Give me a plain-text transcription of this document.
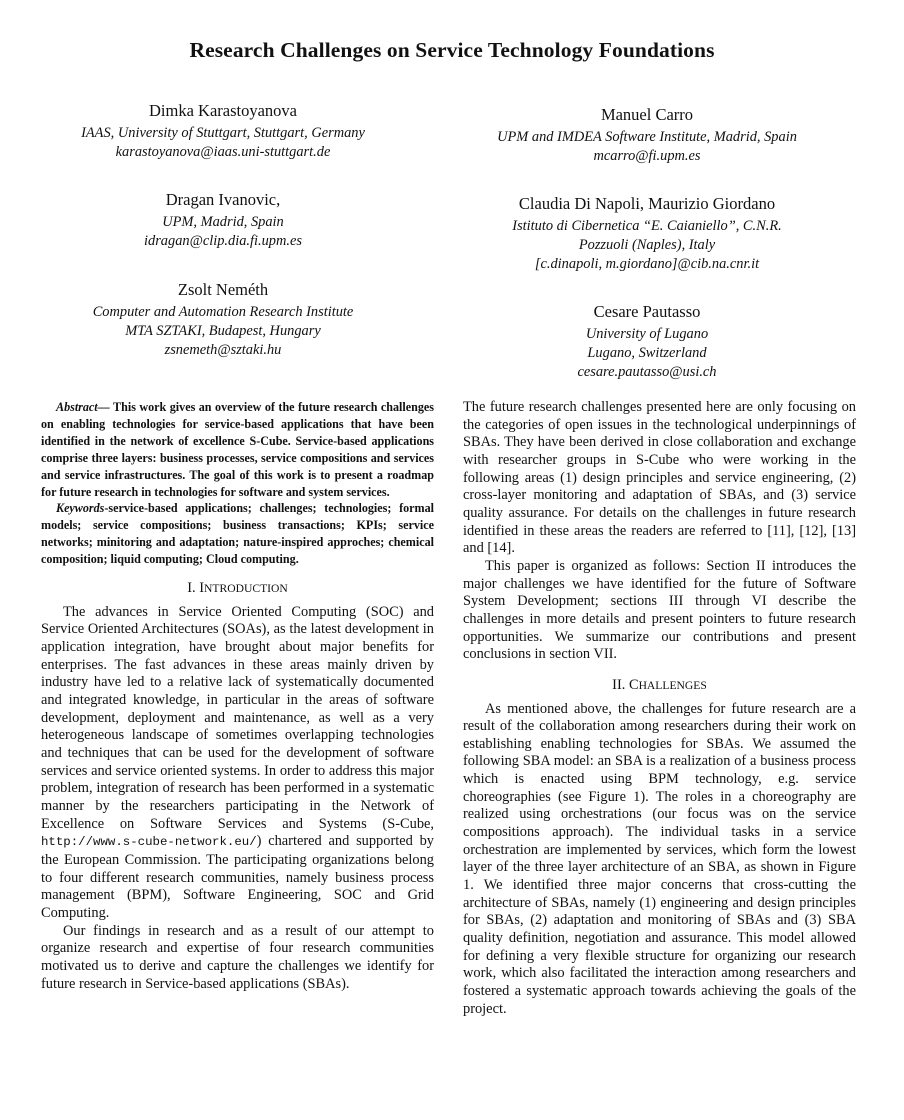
Research Challenges on Service Technology Foundations
Dimka Karastoyanova
IAAS, University of Stuttgart, Stuttgart, Germany
karastoyanova@iaas.uni-stuttgart.de
Manuel Carro
UPM and IMDEA Software Institute, Madrid, Spain
mcarro@fi.upm.es
Dragan Ivanovic,
UPM, Madrid, Spain
idragan@clip.dia.fi.upm.es
Claudia Di Napoli, Maurizio Giordano
Istituto di Cibernetica “E. Caianiello”, C.N.R.
Pozzuoli (Naples), Italy
[c.dinapoli, m.giordano]@cib.na.cnr.it
Zsolt Neméth
Computer and Automation Research Institute
MTA SZTAKI, Budapest, Hungary
zsnemeth@sztaki.hu
Cesare Pautasso
University of Lugano
Lugano, Switzerland
cesare.pautasso@usi.ch

Abstract— This work gives an overview of the future research challenges on enabling technologies for service-based applications that have been identified in the network of excellence S-Cube. Service-based applications comprise three layers: business processes, service compositions and services and service infrastructures. The goal of this work is to present a roadmap for future research in technologies for software and system services.

Keywords-service-based applications; challenges; technologies; formal models; service compositions; business transactions; KPIs; service networks; minitoring and adaptation; nature-inspired approches; chemical composition; liquid computing; Cloud computing.

I. INTRODUCTION

The advances in Service Oriented Computing (SOC) and Service Oriented Architectures (SOAs), as the latest development in application integration, have brought about major benefits for enterprises. The fast advances in these areas mainly driven by industry have led to a relative lack of systematically documented and integrated knowledge, in particular in the areas of software development, deployment and maintenance, as well as a very heterogeneous landscape of sometimes overlapping technologies and techniques that can be used for the development of software services and service oriented systems. In order to address this major problem, integration of research has been performed in a systematic manner by the researchers participating in the Network of Excellence on Software Services and Systems (S-Cube, http://www.s-cube-network.eu/) chartered and supported by the European Commission. The participating organizations belong to four different research communities, namely business process management (BPM), Software Engineering, SOC and Grid Computing.

Our findings in research and as a result of our attempt to organize research and expertise of four research communities motivated us to derive and capture the challenges we identify for future research in Service-based applications (SBAs).

The future research challenges presented here are only focusing on the categories of open issues in the technological underpinnings of SBAs. They have been derived in close collaboration and exchange with researcher groups in S-Cube who were working in the following areas (1) design principles and service engineering, (2) cross-layer monitoring and adaptation of SBAs, and (3) service quality assurance. For details on the challenges in future research identified in these areas the readers are referred to [11], [12], [13] and [14].

This paper is organized as follows: Section II introduces the major challenges we have identified for the future of Software System Development; sections III through VI describe the challenges in more details and present pointers to future research opportunities. We summarize our contributions and present conclusions in section VII.

II. CHALLENGES

As mentioned above, the challenges for future research are a result of the collaboration among researchers during their work on establishing enabling technologies for SBAs. We assumed the following SBA model: an SBA is a realization of a business process which is enacted using BPM technology, e.g. service choreographies (see Figure 1). The roles in a choreography are realized using orchestrations (our focus was on the service compositions approach). The individual tasks in a service orchestration are implemented by services, which form the lowest layer of the three layer architecture of an SBA, as shown in Figure 1. We identified three major concerns that cross-cutting the architecture of SBAs, namely (1) engineering and design principles for SBAs, (2) adaptation and monitoring of SBAs and (3) SBA quality definition, negotiation and assurance. This model allowed for defining a very flexible structure for organizing our research work, which also facilitated the interaction among researchers and fostered a systematic approach towards achieving the goals of the project.
